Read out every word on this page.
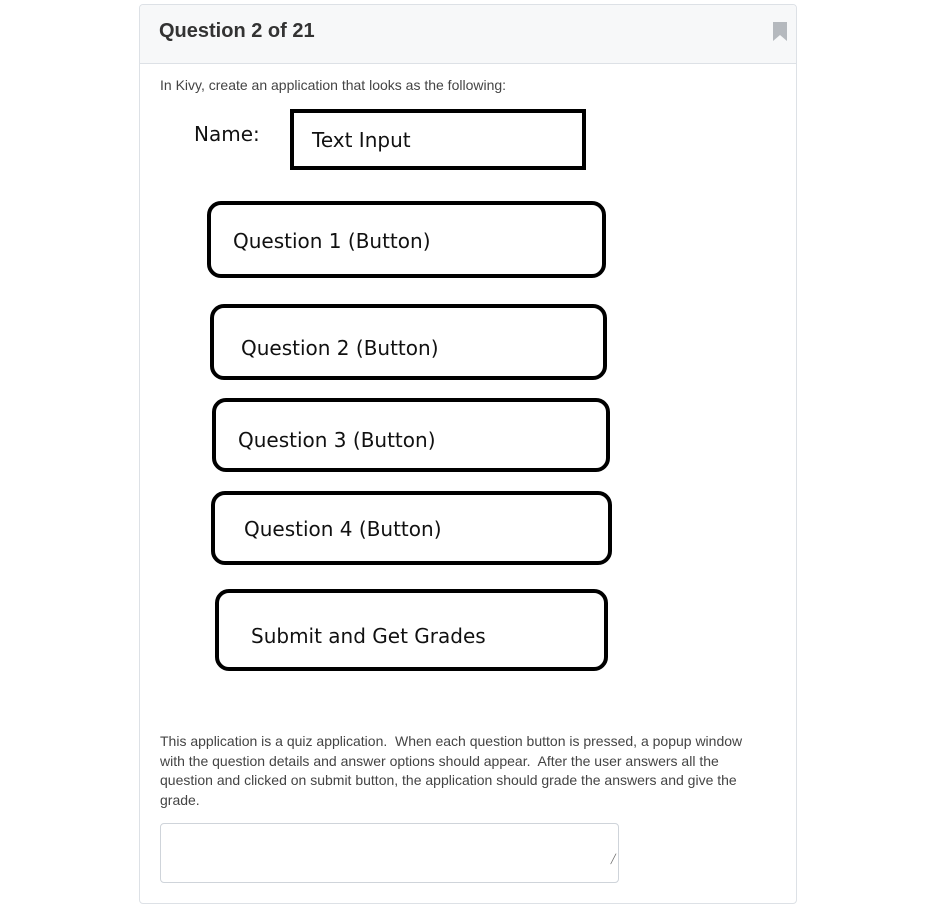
Question 2 of 21
In Kivy, create an application that looks as the following:
Name:	Text Input
Question 1 (Button)
Question 2 (Button)
Question 3 (Button)
Question 4 (Button)
Submit and Get Grades
This application is a quiz application.  When each question button is pressed, a popup window with the question details and answer options should appear.  After the user answers all the question and clicked on submit button, the application should grade the answers and give the grade.
╱
